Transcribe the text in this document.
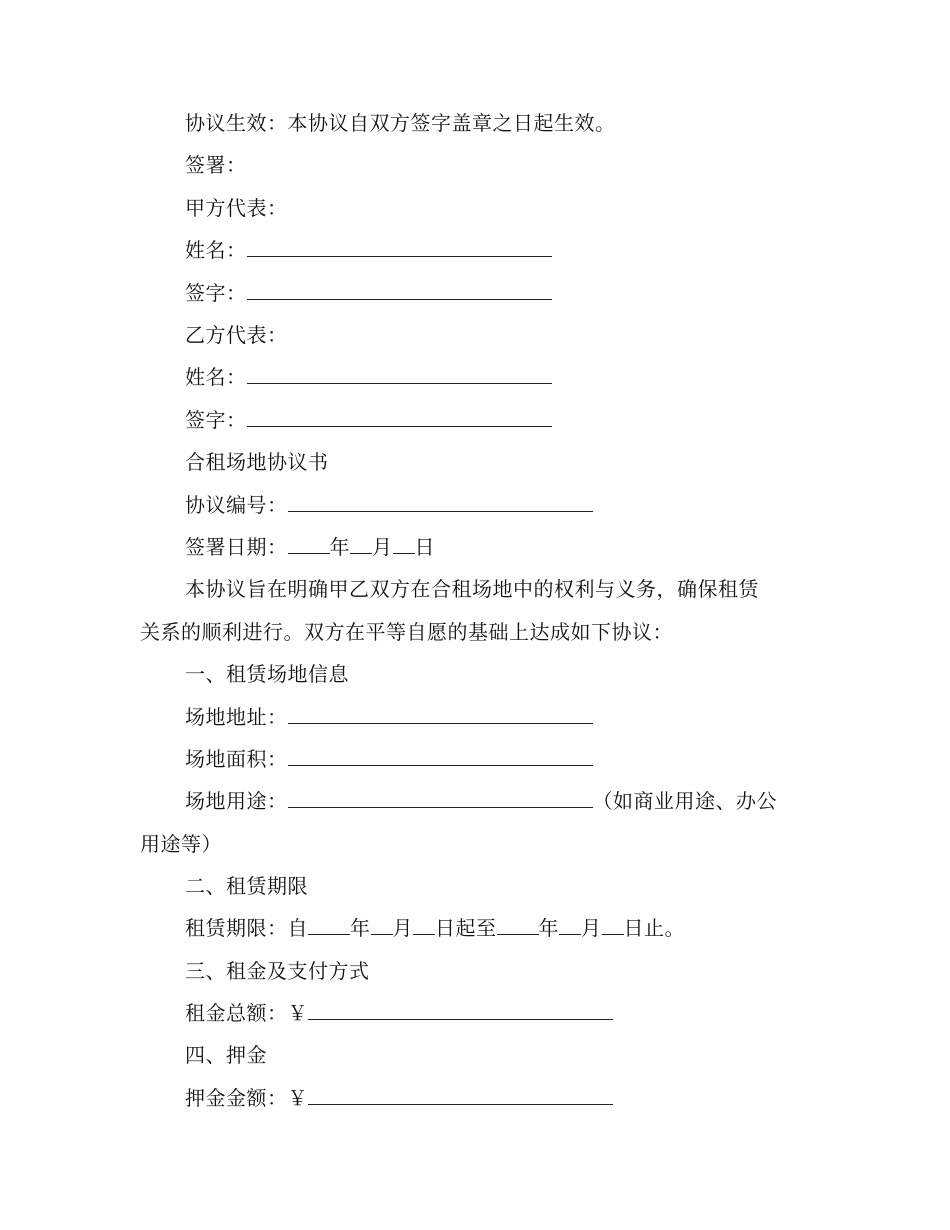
协议生效：本协议自双方签字盖章之日起生效。
签署：
甲方代表：
姓名：
签字：
乙方代表：
姓名：
签字：
合租场地协议书
协议编号：
签署日期： 年 月 日
本协议旨在明确甲乙双方在合租场地中的权利与义务，确保租赁
关系的顺利进行。双方在平等自愿的基础上达成如下协议：
一、租赁场地信息
场地地址：
场地面积：
场地用途：	（如商业用途、办公
用途等）
二、租赁期限
租赁期限：自 年 月 日起至 年 月 日止。
三、租金及支付方式
租金总额：￥
四、押金
押金金额：￥
